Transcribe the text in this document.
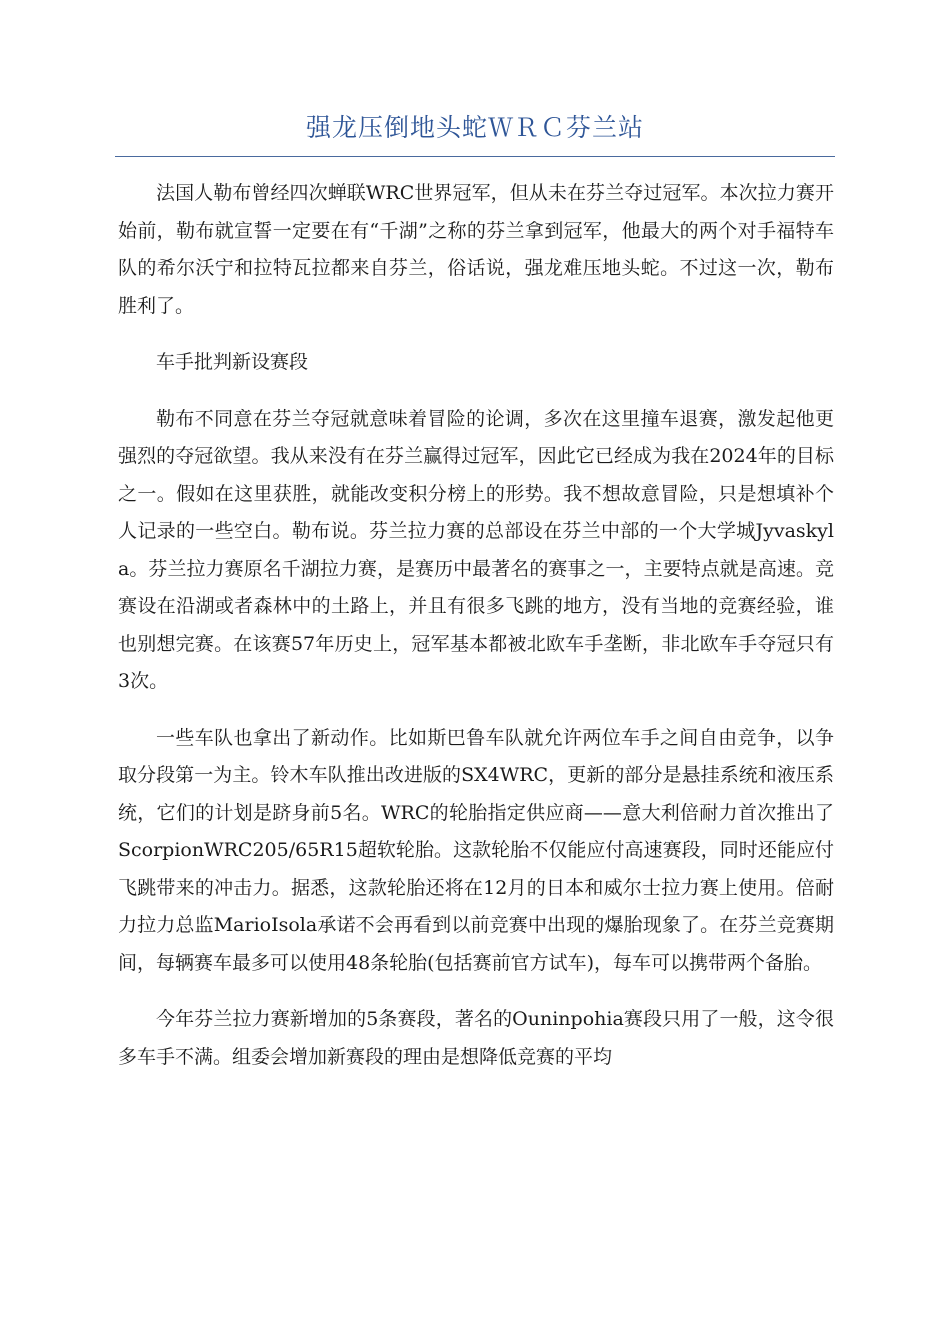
强龙压倒地头蛇ＷＲＣ芬兰站

法国人勒布曾经四次蝉联WRC世界冠军，但从未在芬兰夺过冠军。本次拉力赛开始前，勒布就宣誓一定要在有“千湖”之称的芬兰拿到冠军，他最大的两个对手福特车队的希尔沃宁和拉特瓦拉都来自芬兰，俗话说，强龙难压地头蛇。不过这一次，勒布胜利了。

车手批判新设赛段

勒布不同意在芬兰夺冠就意味着冒险的论调，多次在这里撞车退赛，激发起他更强烈的夺冠欲望。我从来没有在芬兰赢得过冠军，因此它已经成为我在2024年的目标之一。假如在这里获胜，就能改变积分榜上的形势。我不想故意冒险，只是想填补个人记录的一些空白。勒布说。芬兰拉力赛的总部设在芬兰中部的一个大学城Jyvaskyla。芬兰拉力赛原名千湖拉力赛，是赛历中最著名的赛事之一，主要特点就是高速。竞赛设在沿湖或者森林中的土路上，并且有很多飞跳的地方，没有当地的竞赛经验，谁也别想完赛。在该赛57年历史上，冠军基本都被北欧车手垄断，非北欧车手夺冠只有3次。

一些车队也拿出了新动作。比如斯巴鲁车队就允许两位车手之间自由竞争，以争取分段第一为主。铃木车队推出改进版的SX4WRC，更新的部分是悬挂系统和液压系统，它们的计划是跻身前5名。WRC的轮胎指定供应商——意大利倍耐力首次推出了ScorpionWRC205/65R15超软轮胎。这款轮胎不仅能应付高速赛段，同时还能应付飞跳带来的冲击力。据悉，这款轮胎还将在12月的日本和威尔士拉力赛上使用。倍耐力拉力总监MarioIsola承诺不会再看到以前竞赛中出现的爆胎现象了。在芬兰竞赛期间，每辆赛车最多可以使用48条轮胎(包括赛前官方试车)，每车可以携带两个备胎。

今年芬兰拉力赛新增加的5条赛段，著名的Ouninpohia赛段只用了一般，这令很多车手不满。组委会增加新赛段的理由是想降低竞赛的平均
